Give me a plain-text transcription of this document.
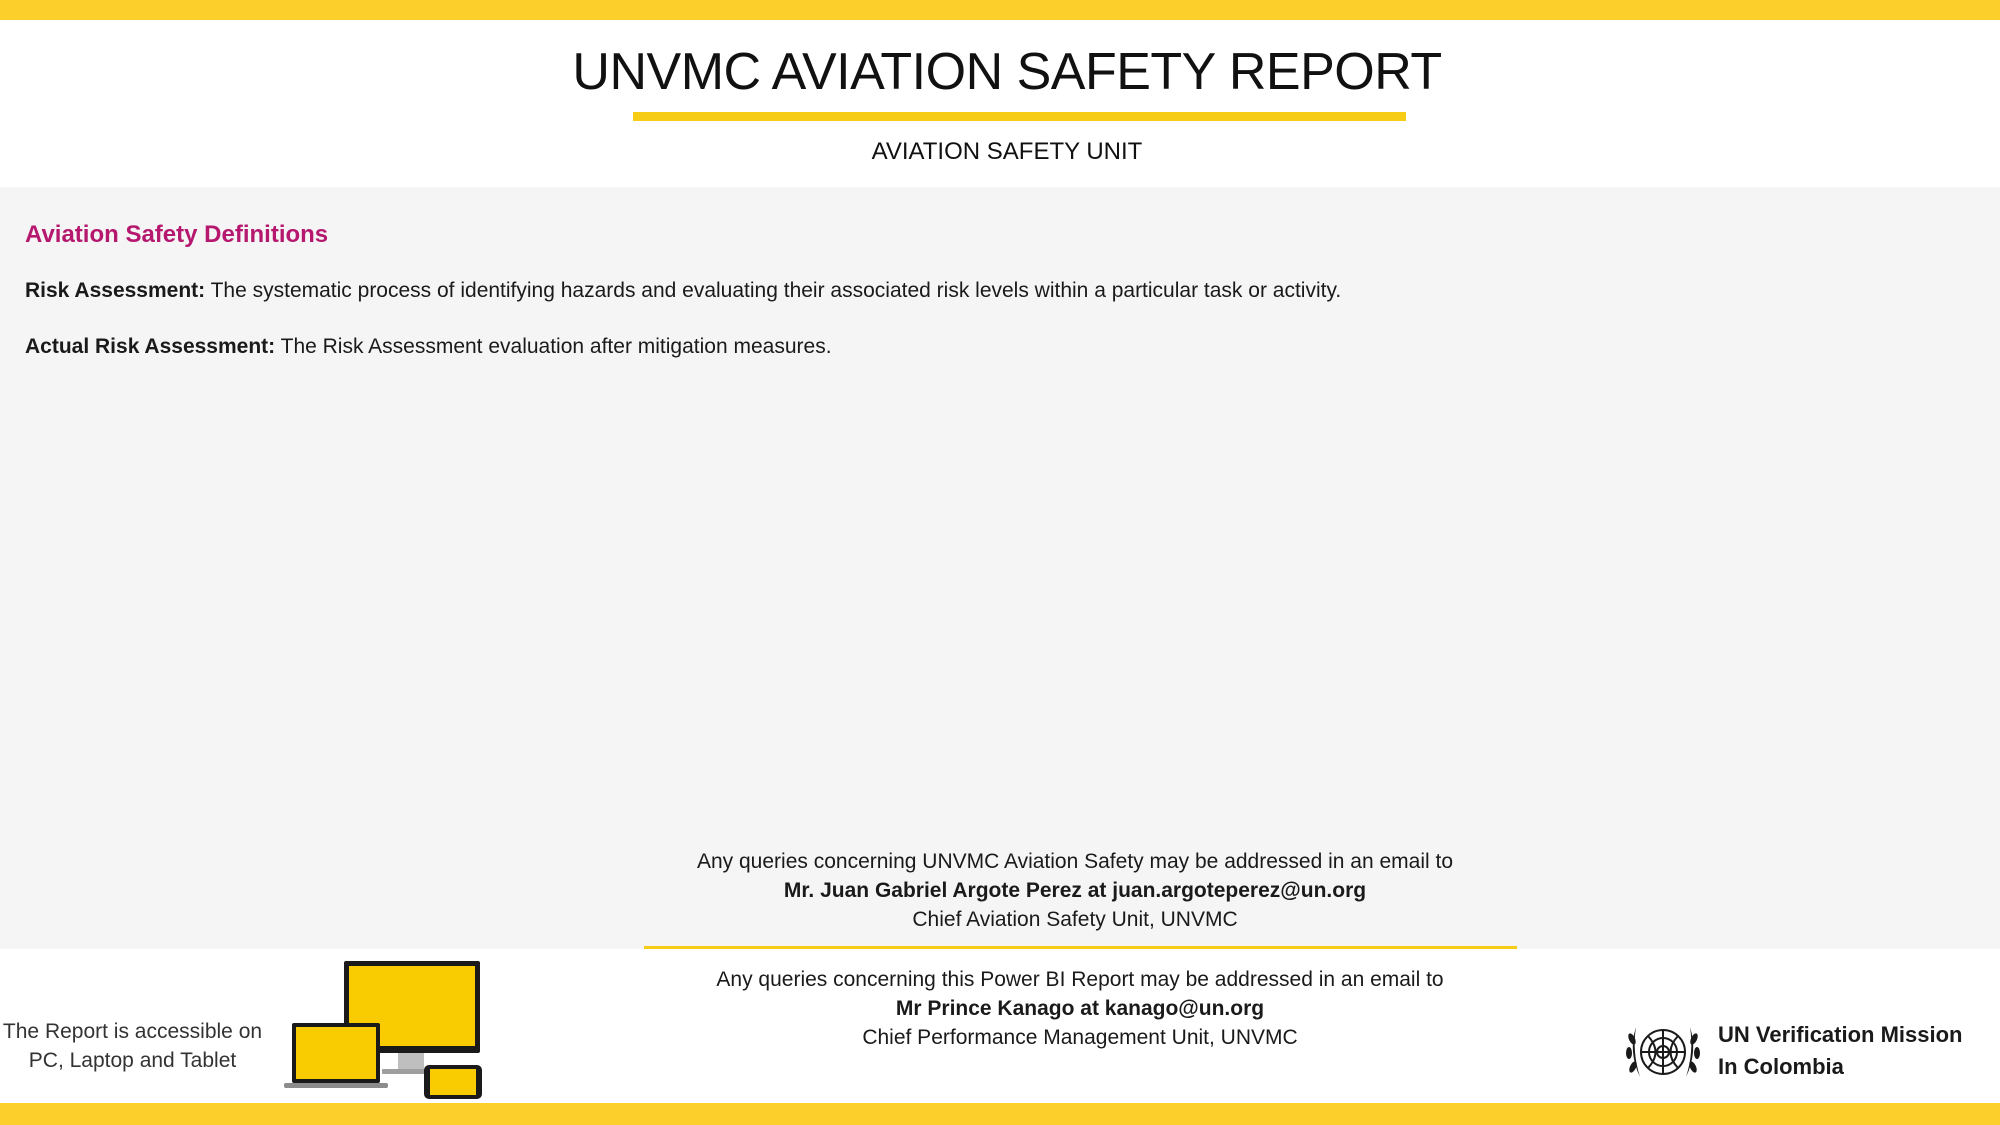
UNVMC AVIATION SAFETY REPORT
AVIATION SAFETY UNIT
Aviation Safety Definitions
Risk Assessment: The systematic process of identifying hazards and evaluating their associated risk levels within a particular task or activity.
Actual Risk Assessment: The Risk Assessment evaluation after mitigation measures.
Any queries concerning UNVMC Aviation Safety may be addressed in an email to
Mr. Juan Gabriel Argote Perez at juan.argoteperez@un.org
Chief Aviation Safety Unit, UNVMC
The Report is accessible on
PC, Laptop and Tablet
Any queries concerning this Power BI Report may be addressed in an email to
Mr Prince Kanago at kanago@un.org
Chief Performance Management Unit, UNVMC	UN Verification Mission
In Colombia
